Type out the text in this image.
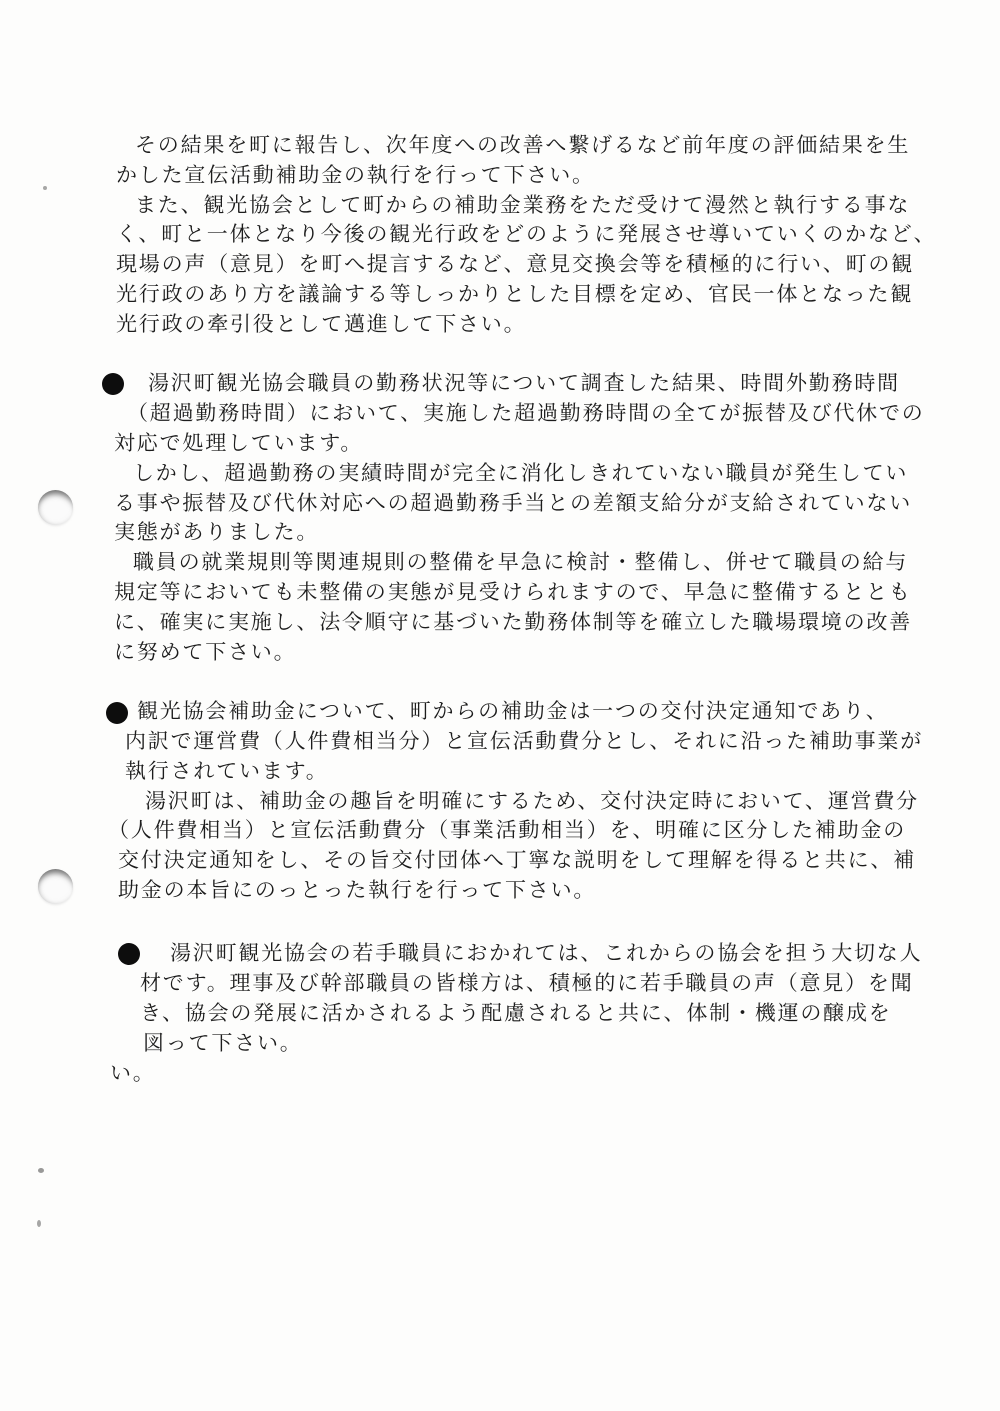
その結果を町に報告し、次年度への改善へ繋げるなど前年度の評価結果を生
かした宣伝活動補助金の執行を行って下さい。
また、観光協会として町からの補助金業務をただ受けて漫然と執行する事な
く、町と一体となり今後の観光行政をどのように発展させ導いていくのかなど、
現場の声（意見）を町へ提言するなど、意見交換会等を積極的に行い、町の観
光行政のあり方を議論する等しっかりとした目標を定め、官民一体となった観
光行政の牽引役として邁進して下さい。
湯沢町観光協会職員の勤務状況等について調査した結果、時間外勤務時間
（超過勤務時間）において、実施した超過勤務時間の全てが振替及び代休での
対応で処理しています。
しかし、超過勤務の実績時間が完全に消化しきれていない職員が発生してい
る事や振替及び代休対応への超過勤務手当との差額支給分が支給されていない
実態がありました。
職員の就業規則等関連規則の整備を早急に検討・整備し、併せて職員の給与
規定等においても未整備の実態が見受けられますので、早急に整備するととも
に、確実に実施し、法令順守に基づいた勤務体制等を確立した職場環境の改善
に努めて下さい。
観光協会補助金について、町からの補助金は一つの交付決定通知であり、
内訳で運営費（人件費相当分）と宣伝活動費分とし、それに沿った補助事業が
執行されています。
湯沢町は、補助金の趣旨を明確にするため、交付決定時において、運営費分
（人件費相当）と宣伝活動費分（事業活動相当）を、明確に区分した補助金の
交付決定通知をし、その旨交付団体へ丁寧な説明をして理解を得ると共に、補
助金の本旨にのっとった執行を行って下さい。
湯沢町観光協会の若手職員におかれては、これからの協会を担う大切な人
材です。理事及び幹部職員の皆様方は、積極的に若手職員の声（意見）を聞
き、協会の発展に活かされるよう配慮されると共に、体制・機運の醸成を
図って下さい。
い。
